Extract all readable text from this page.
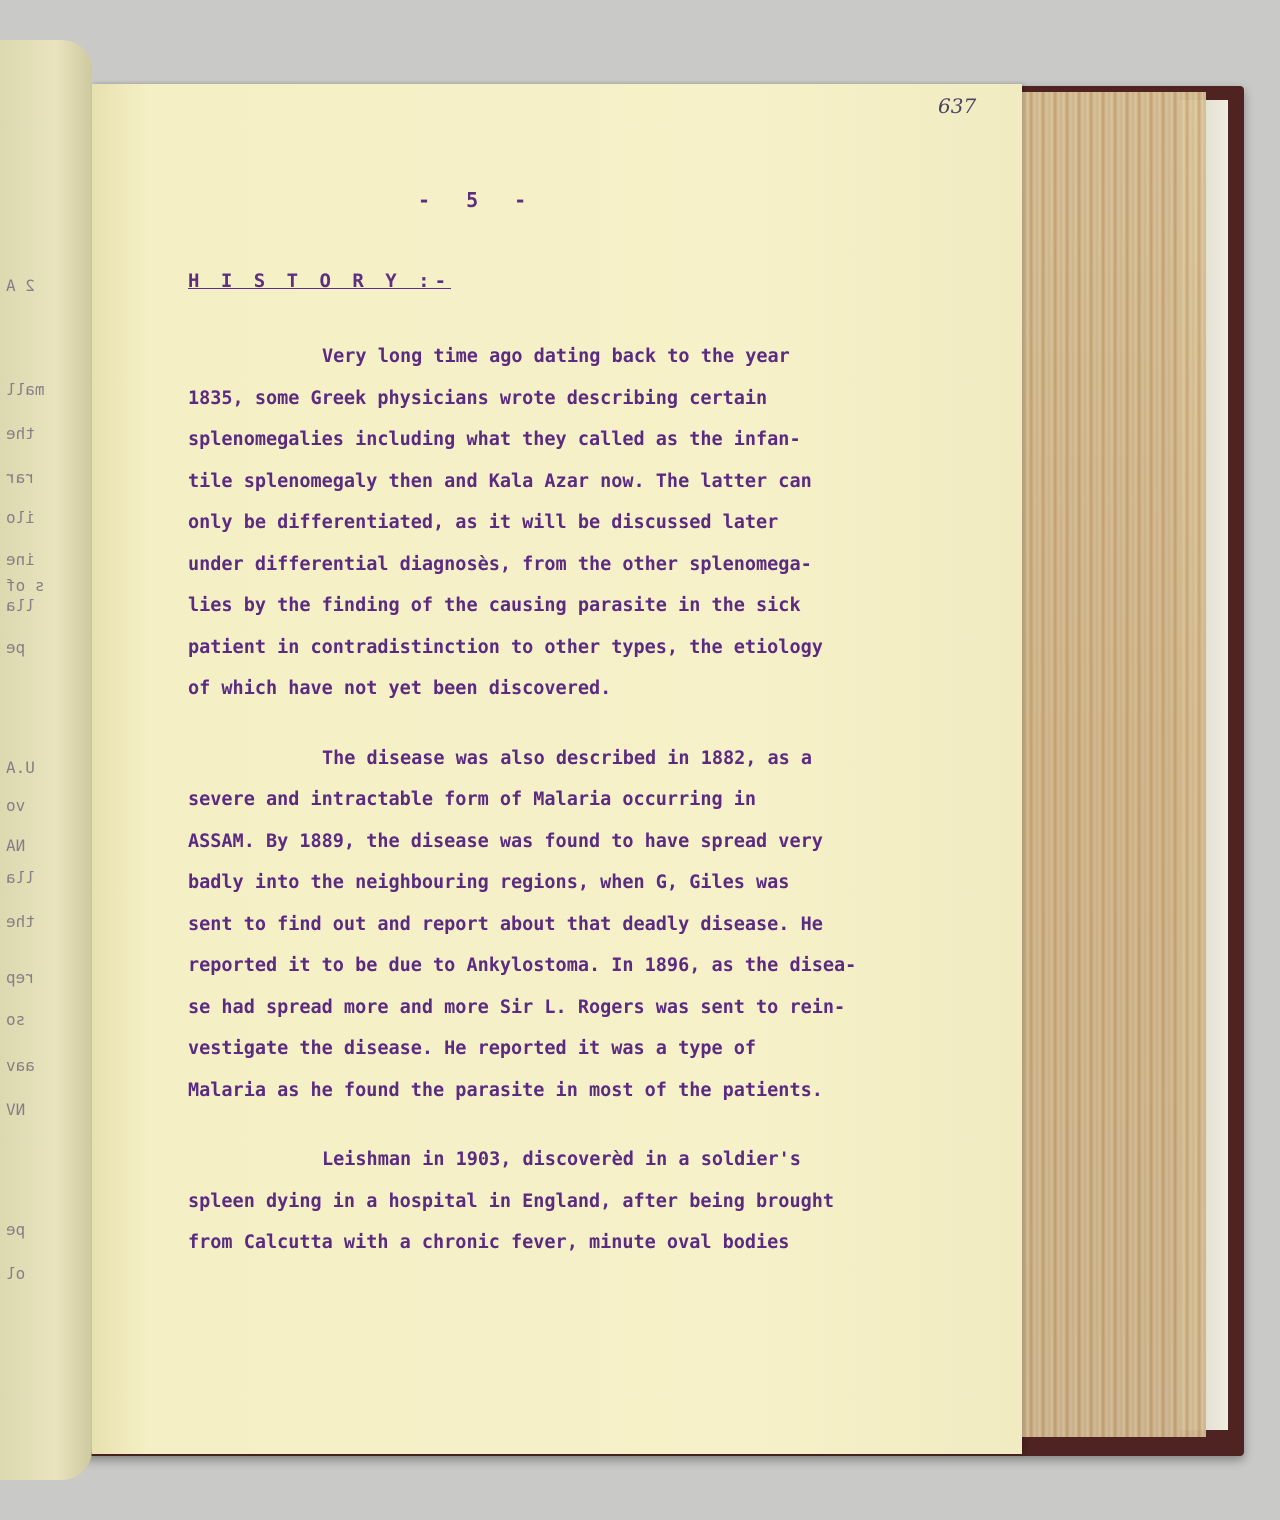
2 A
mall
the
rar
ilo
ine
s of
lla
pe
U.A
vo
NA
lla
the
rep
so
aav
NV
pe
ol
637
- 5 -
H I S T O R Y :-
Very long time ago dating back to the year
1835, some Greek physicians wrote describing certain
splenomegalies including what they called as the infan-
tile splenomegaly then and Kala Azar now. The latter can
only be differentiated, as it will be discussed later
under differential diagnosès, from the other splenomega-
lies by the finding of the causing parasite in the sick
patient in contradistinction to other types, the etiology
of which have not yet been discovered.
The disease was also described in 1882, as a
severe and intractable form of Malaria occurring in
ASSAM. By 1889, the disease was found to have spread very
badly into the neighbouring regions, when G, Giles was
sent to find out and report about that deadly disease. He
reported it to be due to Ankylostoma. In 1896, as the disea-
se had spread more and more Sir L. Rogers was sent to rein-
vestigate the disease. He reported it was a type of
Malaria as he found the parasite in most of the patients.
Leishman in 1903, discoverèd in a soldier's
spleen dying in a hospital in England, after being brought
from Calcutta with a chronic fever, minute oval bodies
